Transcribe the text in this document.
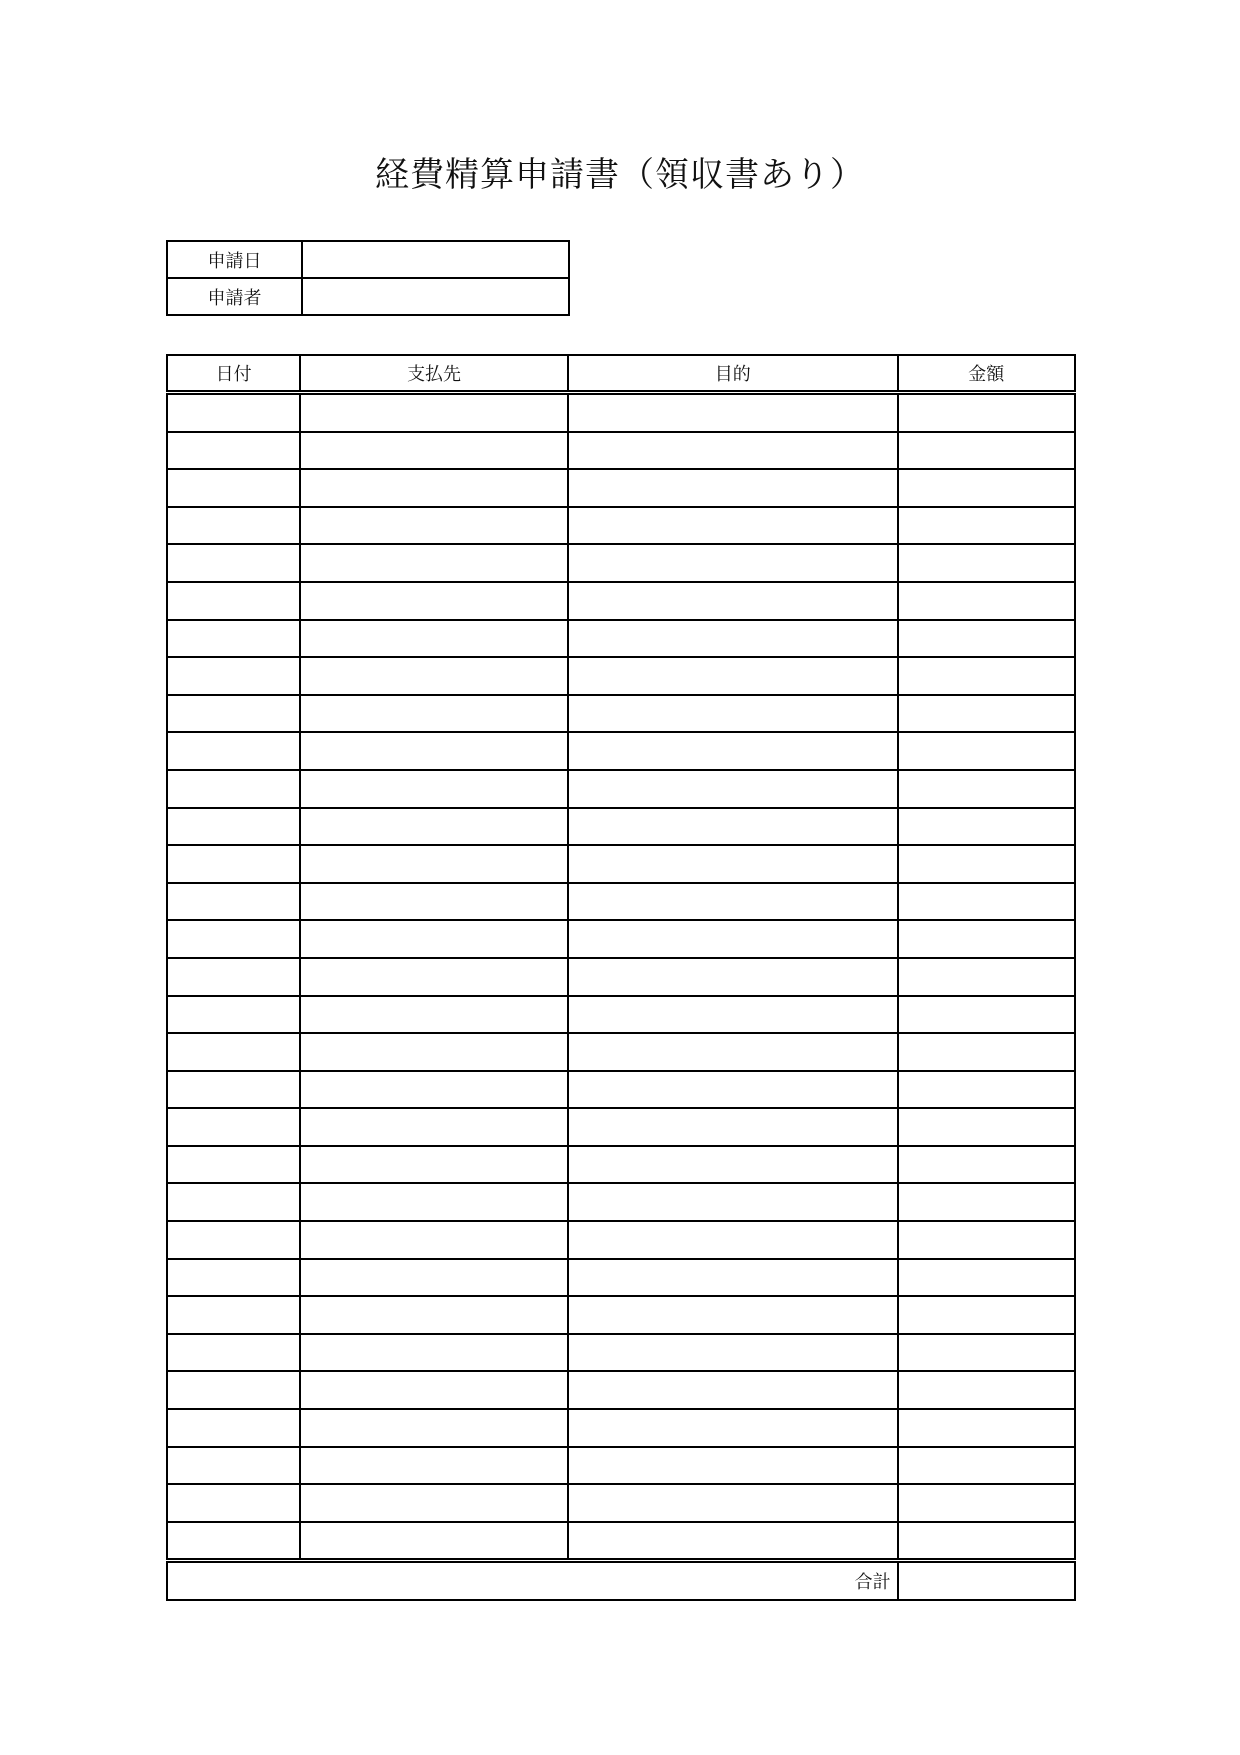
経費精算申請書（領収書あり）
申請日	
申請者	
日付	支払先	目的	金額

合計			
